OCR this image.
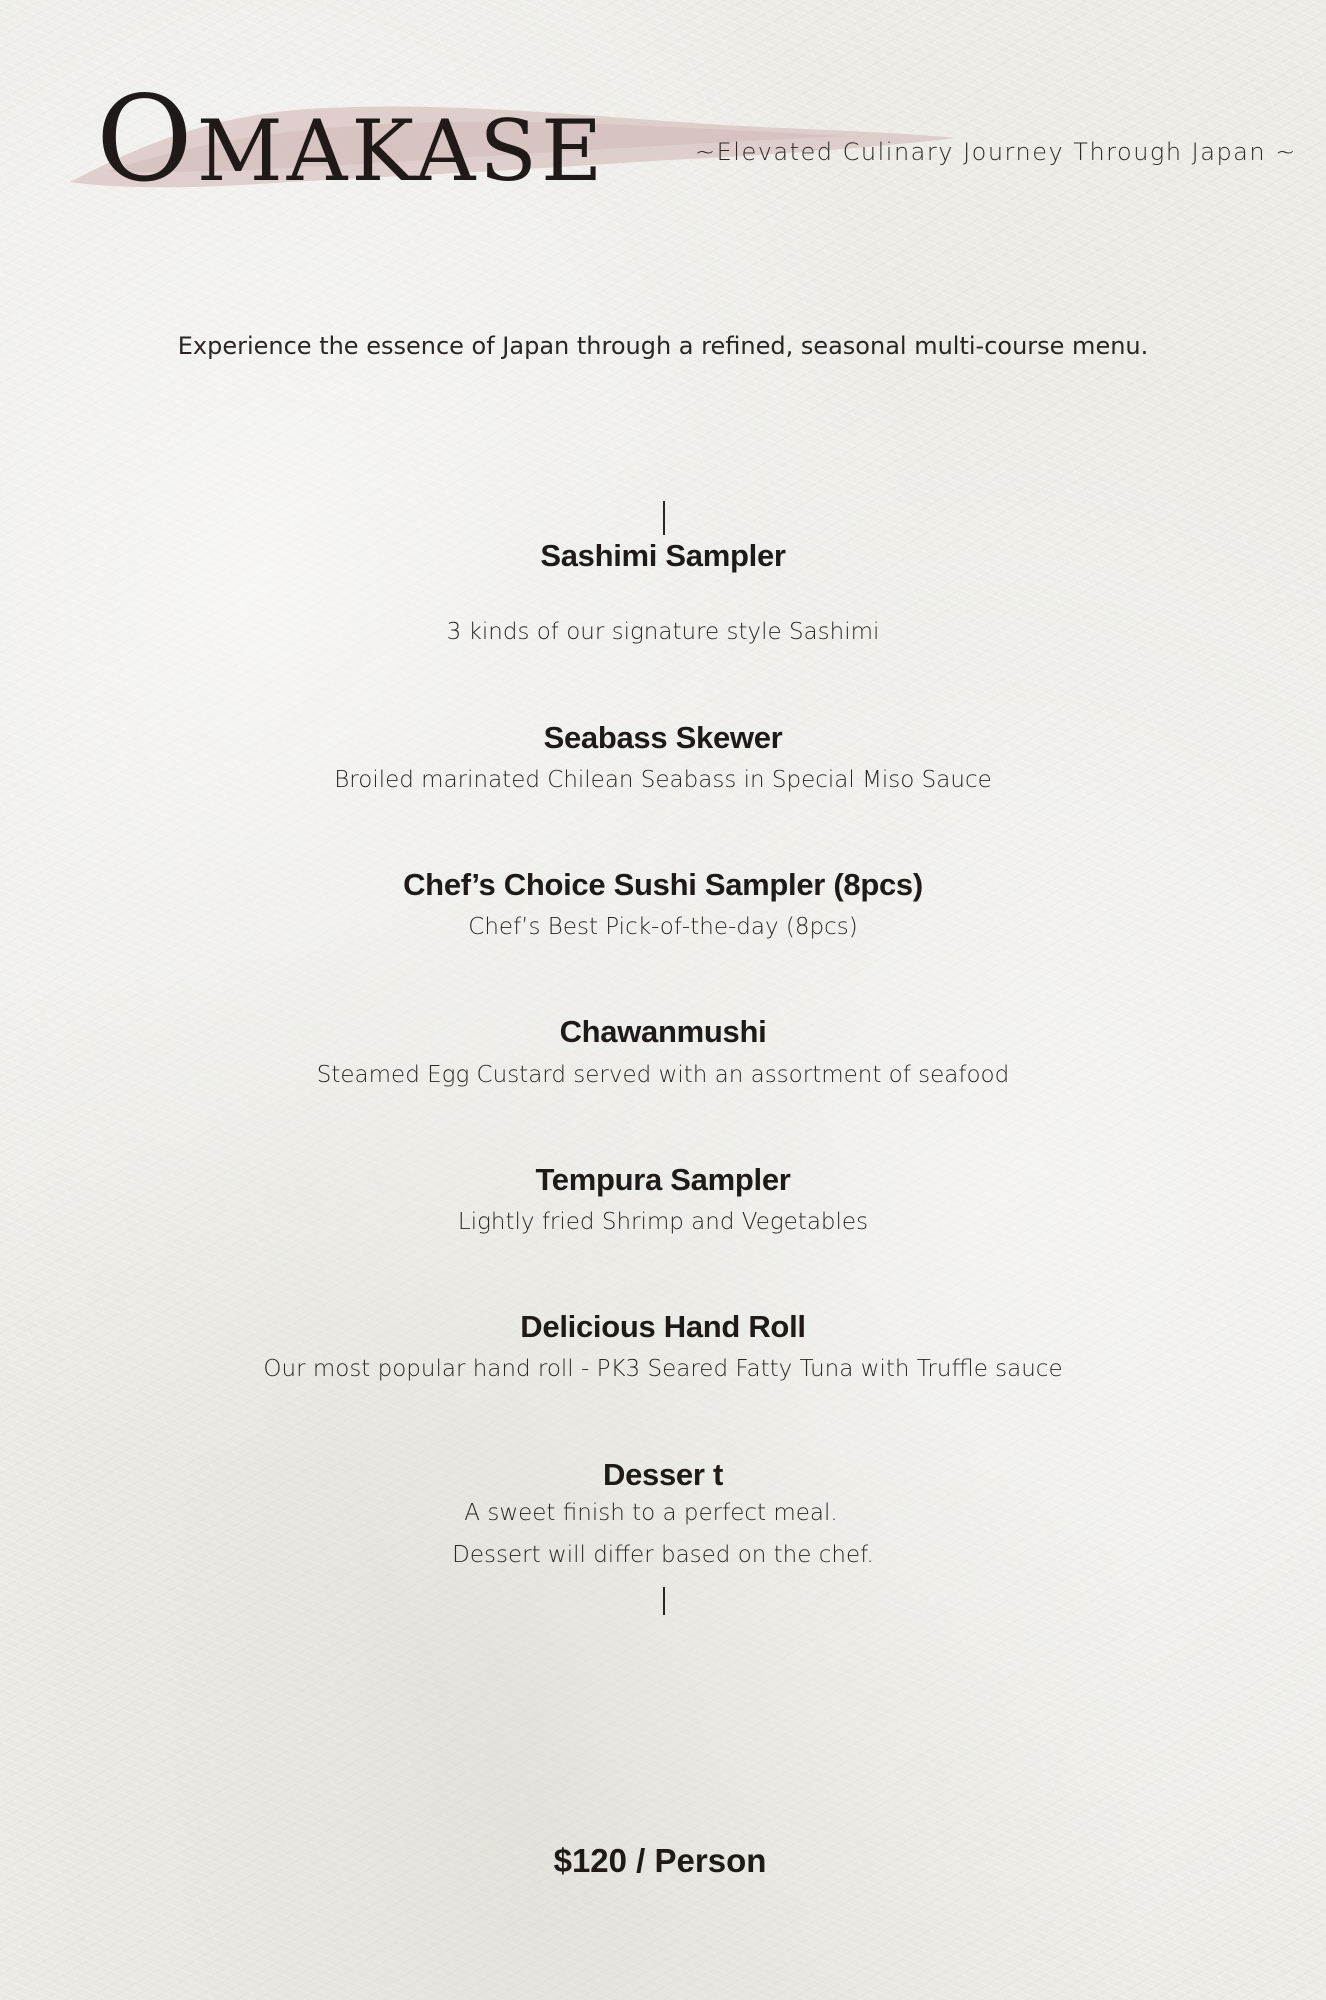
OMAKASE	~Elevated Culinary Journey Through Japan ~
Experience the essence of Japan through a refined, seasonal multi-course menu.
Sashimi Sampler
3 kinds of our signature style Sashimi
Seabass Skewer
Broiled marinated Chilean Seabass in Special Miso Sauce
Chef’s Choice Sushi Sampler (8pcs)
Chef’s Best Pick-of-the-day (8pcs)
Chawanmushi
Steamed Egg Custard served with an assortment of seafood
Tempura Sampler
Lightly fried Shrimp and Vegetables
Delicious Hand Roll
Our most popular hand roll - PK3 Seared Fatty Tuna with Truffle sauce
Desser t
A sweet finish to a perfect meal.
Dessert will differ based on the chef.
$120 / Person
